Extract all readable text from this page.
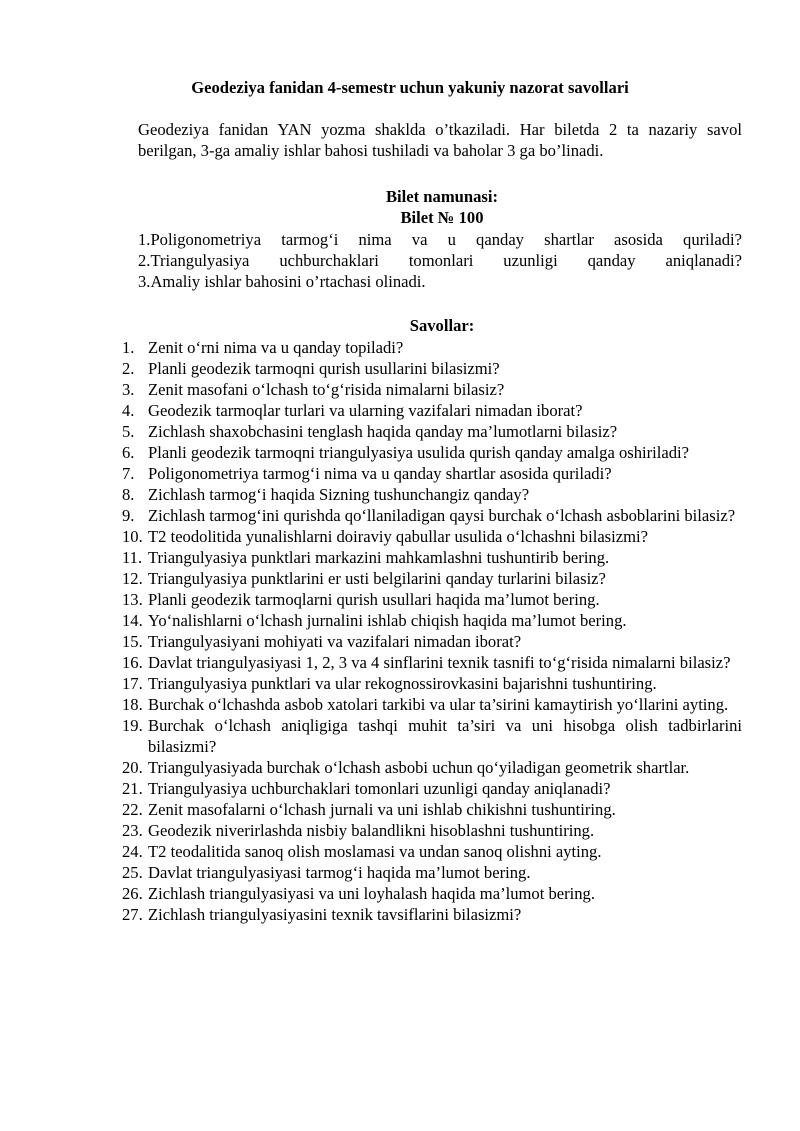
Geodeziya fanidan 4-semestr uchun yakuniy nazorat savollari
Geodeziya fanidan YAN yozma shaklda o’tkaziladi. Har biletda 2 ta nazariy savol berilgan, 3-ga amaliy ishlar bahosi tushiladi va baholar 3 ga bo’linadi.
Bilet namunasi:
Bilet № 100
1.Poligonometriya tarmog‘i nima va u qanday shartlar asosida quriladi?
2.Triangulyasiya uchburchaklari tomonlari uzunligi qanday aniqlanadi?
3.Amaliy ishlar bahosini o’rtachasi olinadi.
Savollar:
1. Zenit o‘rni nima va u qanday topiladi?
2. Planli geodezik tarmoqni qurish usullarini bilasizmi?
3. Zenit masofani o‘lchash to‘g‘risida nimalarni bilasiz?
4. Geodezik tarmoqlar turlari va ularning vazifalari nimadan iborat?
5. Zichlash shaxobchasini tenglash haqida qanday ma’lumotlarni bilasiz?
6. Planli geodezik tarmoqni triangulyasiya usulida qurish qanday amalga oshiriladi?
7. Poligonometriya tarmog‘i nima va u qanday shartlar asosida quriladi?
8. Zichlash tarmog‘i haqida Sizning tushunchangiz qanday?
9. Zichlash tarmog‘ini qurishda qo‘llaniladigan qaysi burchak o‘lchash asboblarini bilasiz?
10. T2 teodolitida yunalishlarni doiraviy qabullar usulida o‘lchashni bilasizmi?
11. Triangulyasiya punktlari markazini mahkamlashni tushuntirib bering.
12. Triangulyasiya punktlarini er usti belgilarini qanday turlarini bilasiz?
13. Planli geodezik tarmoqlarni qurish usullari haqida ma’lumot bering.
14. Yo‘nalishlarni o‘lchash jurnalini ishlab chiqish haqida ma’lumot bering.
15. Triangulyasiyani mohiyati va vazifalari nimadan iborat?
16. Davlat triangulyasiyasi 1, 2, 3 va 4 sinflarini texnik tasnifi to‘g‘risida nimalarni bilasiz?
17. Triangulyasiya punktlari va ular rekognossirovkasini bajarishni tushuntiring.
18. Burchak o‘lchashda asbob xatolari tarkibi va ular ta’sirini kamaytirish yo‘llarini ayting.
19. Burchak o‘lchash aniqligiga tashqi muhit ta’siri va uni hisobga olish tadbirlarini bilasizmi?
20. Triangulyasiyada burchak o‘lchash asbobi uchun qo‘yiladigan geometrik shartlar.
21. Triangulyasiya uchburchaklari tomonlari uzunligi qanday aniqlanadi?
22. Zenit masofalarni o‘lchash jurnali va uni ishlab chikishni tushuntiring.
23. Geodezik niverirlashda nisbiy balandlikni hisoblashni tushuntiring.
24. T2 teodalitida sanoq olish moslamasi va undan sanoq olishni ayting.
25. Davlat triangulyasiyasi tarmog‘i haqida ma’lumot bering.
26. Zichlash triangulyasiyasi va uni loyhalash haqida ma’lumot bering.
27. Zichlash triangulyasiyasini texnik tavsiflarini bilasizmi?
